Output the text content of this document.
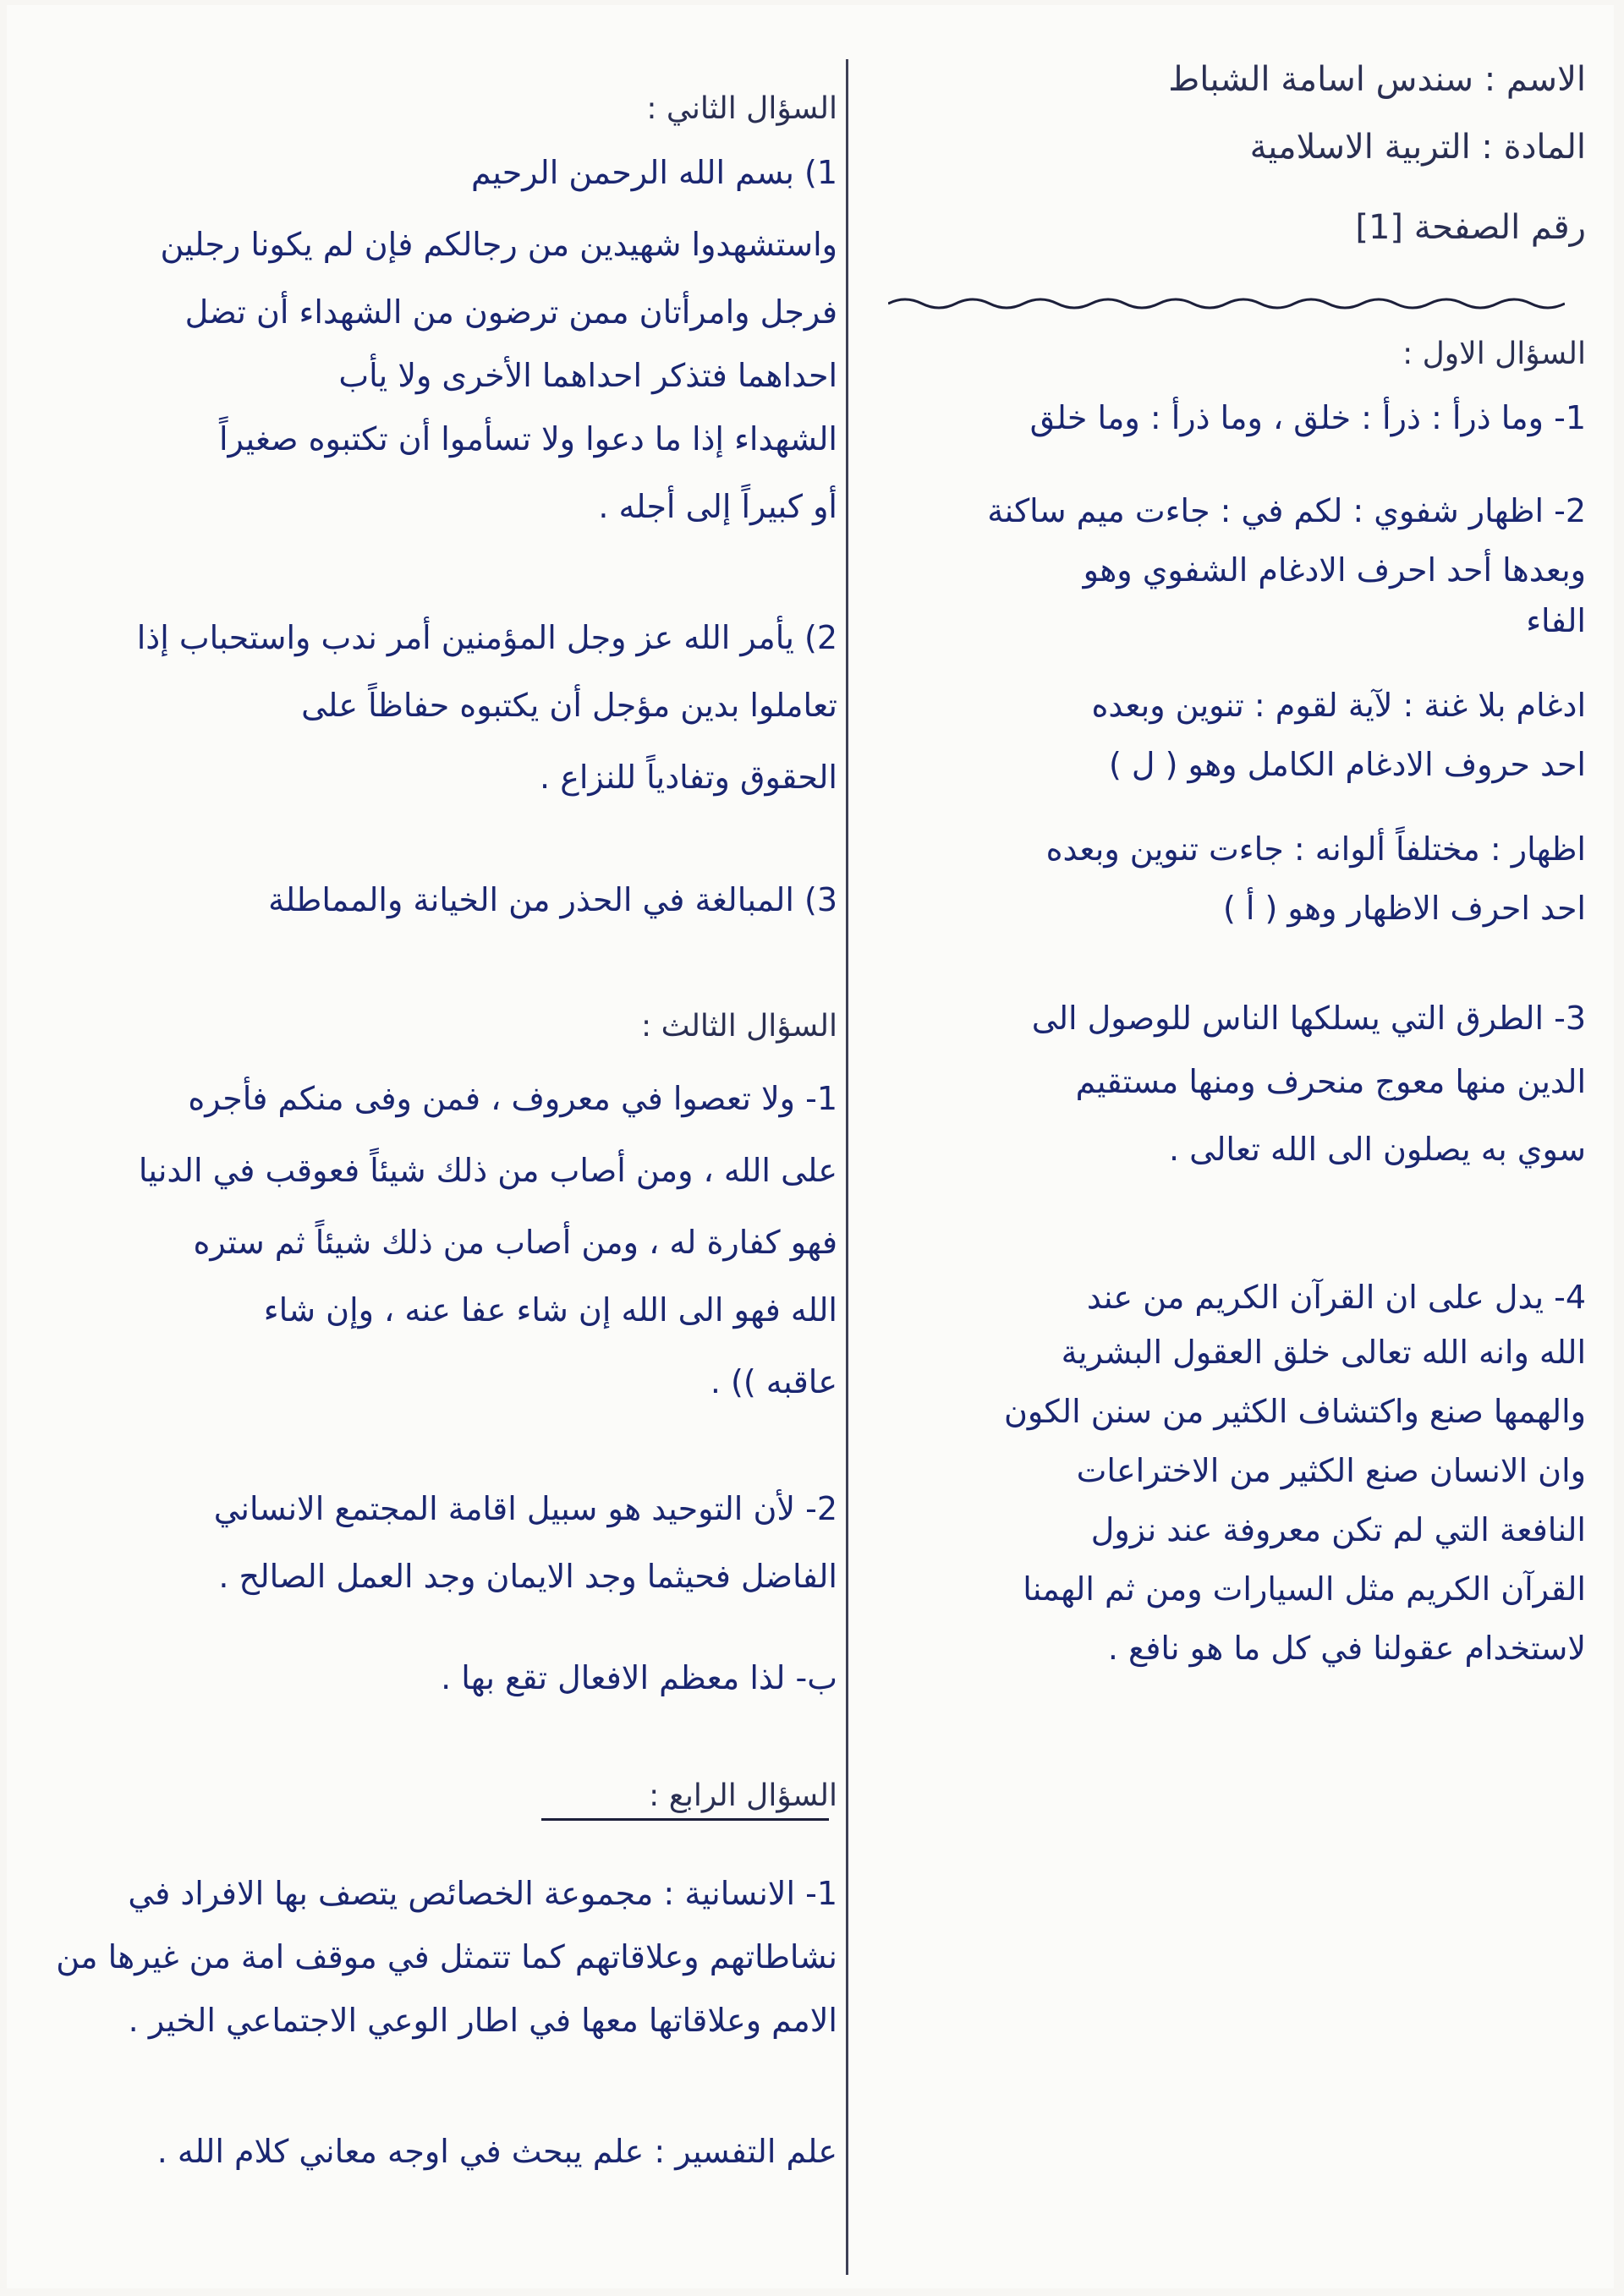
الاسم : سندس اسامة الشباط
المادة : التربية الاسلامية
رقم الصفحة [1]
السؤال الاول :
1- وما ذرأ : ذرأ : خلق ، وما ذرأ : وما خلق
2- اظهار شفوي : لكم في : جاءت ميم ساكنة
وبعدها أحد احرف الادغام الشفوي وهو
الفاء
ادغام بلا غنة : لآية لقوم : تنوين وبعده
احد حروف الادغام الكامل وهو ( ل )
اظهار : مختلفاً ألوانه : جاءت تنوين وبعده
احد احرف الاظهار وهو ( أ )
3- الطرق التي يسلكها الناس للوصول الى
الدين منها معوج منحرف ومنها مستقيم
سوي به يصلون الى الله تعالى .
4- يدل على ان القرآن الكريم من عند
الله وانه الله تعالى خلق العقول البشرية
والهمها صنع واكتشاف الكثير من سنن الكون
وان الانسان صنع الكثير من الاختراعات
النافعة التي لم تكن معروفة عند نزول
القرآن الكريم مثل السيارات ومن ثم الهمنا
لاستخدام عقولنا في كل ما هو نافع .
السؤال الثاني :
1) بسم الله الرحمن الرحيم
واستشهدوا شهيدين من رجالكم فإن لم يكونا رجلين
فرجل وامرأتان ممن ترضون من الشهداء أن تضل
احداهما فتذكر احداهما الأخرى ولا يأب
الشهداء إذا ما دعوا ولا تسأموا أن تكتبوه صغيراً
أو كبيراً إلى أجله .
2) يأمر الله عز وجل المؤمنين أمر ندب واستحباب إذا
تعاملوا بدين مؤجل أن يكتبوه حفاظاً على
الحقوق وتفادياً للنزاع .
3) المبالغة في الحذر من الخيانة والمماطلة
السؤال الثالث :
1- ولا تعصوا في معروف ، فمن وفى منكم فأجره
على الله ، ومن أصاب من ذلك شيئاً فعوقب في الدنيا
فهو كفارة له ، ومن أصاب من ذلك شيئاً ثم ستره
الله فهو الى الله إن شاء عفا عنه ، وإن شاء
عاقبه )) .
2- لأن التوحيد هو سبيل اقامة المجتمع الانساني
الفاضل فحيثما وجد الايمان وجد العمل الصالح .
ب- لذا معظم الافعال تقع بها .
السؤال الرابع :
1- الانسانية : مجموعة الخصائص يتصف بها الافراد في
نشاطاتهم وعلاقاتهم كما تتمثل في موقف امة من غيرها من
الامم وعلاقاتها معها في اطار الوعي الاجتماعي الخير .
علم التفسير : علم يبحث في اوجه معاني كلام الله .
